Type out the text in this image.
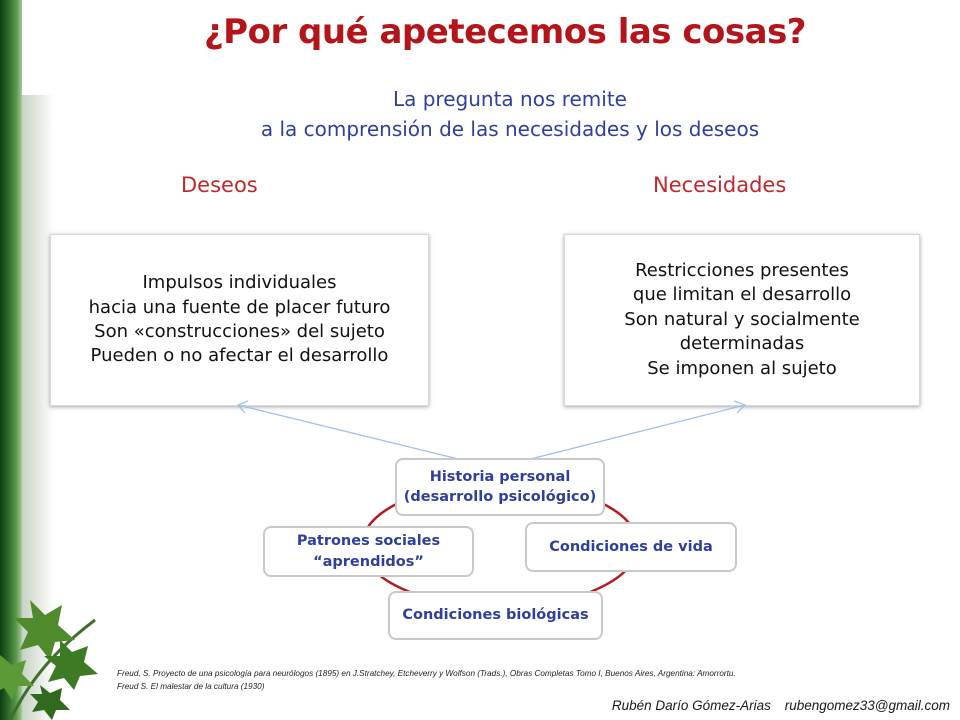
¿Por qué apetecemos las cosas?
La pregunta nos remite
a la comprensión de las necesidades y los deseos
Deseos	Necesidades
Impulsos individuales
hacia una fuente de placer futuro
Son «construcciones» del sujeto
Pueden o no afectar el desarrollo
Restricciones presentes
que limitan el desarrollo
Son natural y socialmente
determinadas
Se imponen al sujeto
Historia personal
(desarrollo psicológico)
Condiciones de vida
Patrones sociales
“aprendidos”
Condiciones biológicas
Freud, S. Proyecto de una psicología para neurólogos (1895) en J.Stratchey, Etcheverry y Wolfson (Trads.), Obras Completas Tomo I, Buenos Aires, Argentina: Amorrortu.
Freud S. El malestar de la cultura (1930)
Rubén Darío Gómez-Arias rubengomez33@gmail.com
